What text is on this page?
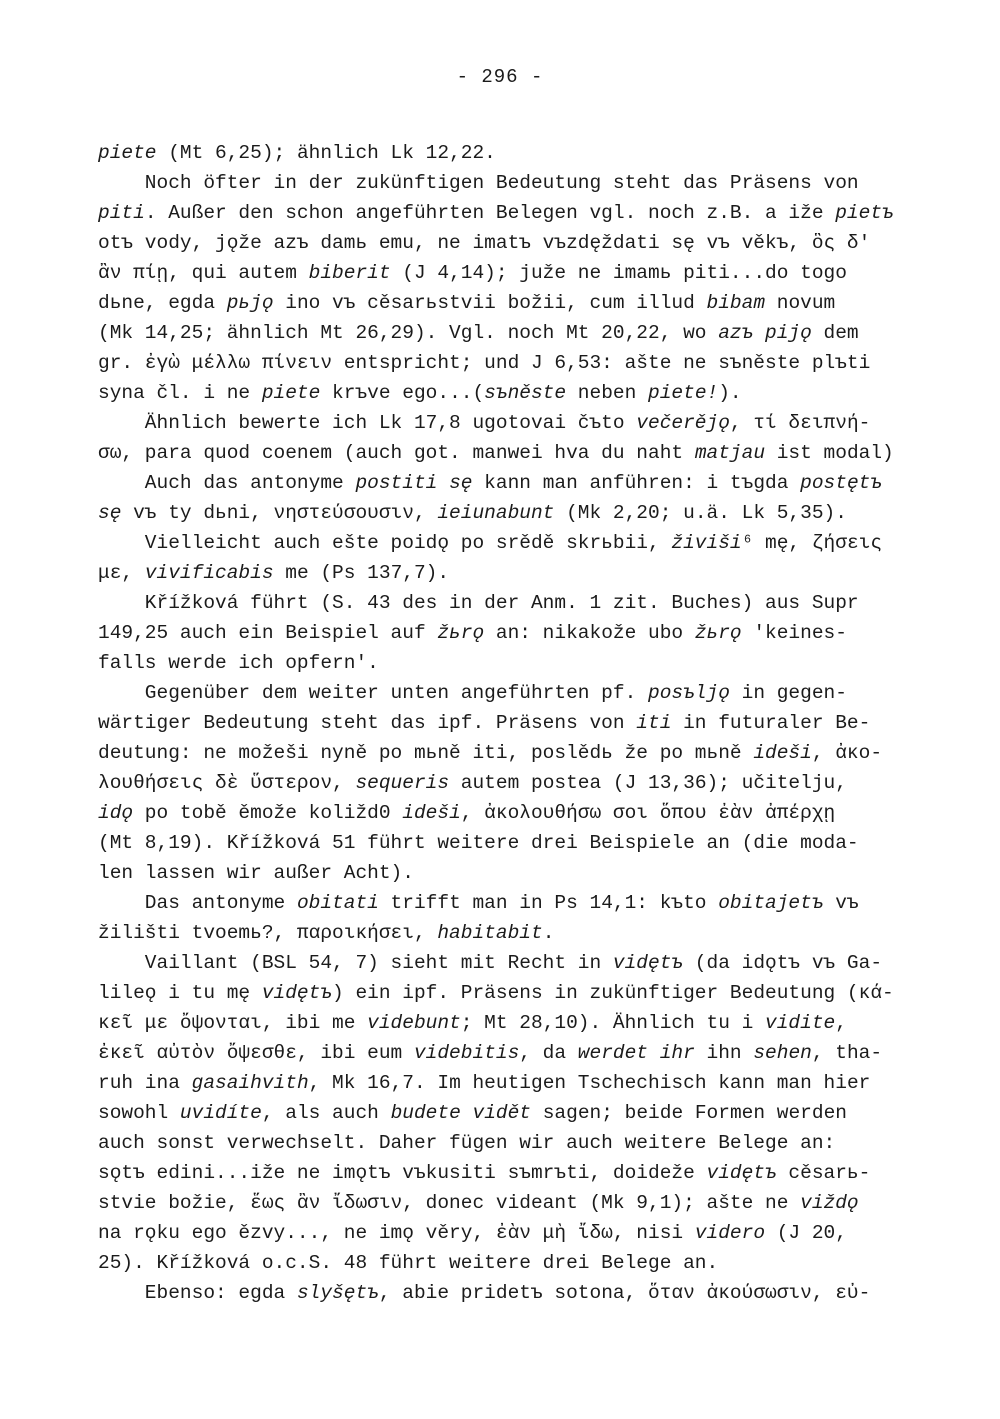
- 296 -
piete (Mt 6,25); ähnlich Lk 12,22.
Noch öfter in der zukünftigen Bedeutung steht das Präsens von
piti. Außer den schon angeführten Belegen vgl. noch z.B. a iže pietъ
otъ vody, jǫže azъ damь emu, ne imatъ vъzdęždati sę vъ věkъ, ὃς δ'
ἂν πίῃ, qui autem biberit (J 4,14); juže ne imamь piti...do togo
dьne, egda pьjǫ ino vъ cěsarьstvii božii, cum illud bibam novum
(Mk 14,25; ähnlich Mt 26,29). Vgl. noch Mt 20,22, wo azъ pijǫ dem
gr. ἐγὼ μέλλω πίνειν entspricht; und J 6,53: ašte ne sъněste plъti
syna čl. i ne piete krъve ego...(sъněste neben piete!).
Ähnlich bewerte ich Lk 17,8 ugotovai čъto večerějǫ, τί δειπνή-
σω, para quod coenem (auch got. manwei hva du naht matjau ist modal)
Auch das antonyme postiti sę kann man anführen: i tъgda postętъ
sę vъ ty dьni, νηστεύσουσιν, ieiunabunt (Mk 2,20; u.ä. Lk 5,35).
Vielleicht auch ešte poidǫ po srědě skrьbii, živiši⁶ mę, ζήσεις
με, vivificabis me (Ps 137,7).
Křížková führt (S. 43 des in der Anm. 1 zit. Buches) aus Supr
149,25 auch ein Beispiel auf žьrǫ an: nikakože ubo žьrǫ 'keines-
falls werde ich opfern'.
Gegenüber dem weiter unten angeführten pf. posъljǫ in gegen-
wärtiger Bedeutung steht das ipf. Präsens von iti in futuraler Be-
deutung: ne možeši nyně po mьně iti, poslědь že po mьně ideši, ἀκο-
λουθήσεις δὲ ὕστερον, sequeris autem postea (J 13,36); učitelju,
idǫ po tobě ěmože koližd0 ideši, ἀκολουθήσω σοι ὅπου ἐὰν ἀπέρχῃ
(Mt 8,19). Křížková 51 führt weitere drei Beispiele an (die moda-
len lassen wir außer Acht).
Das antonyme obitati trifft man in Ps 14,1: kъto obitajetъ vъ
žilišti tvoemь?, παροικήσει, habitabit.
Vaillant (BSL 54, 7) sieht mit Recht in vidętъ (da idǫtъ vъ Ga-
lileǫ i tu mę vidętъ) ein ipf. Präsens in zukünftiger Bedeutung (κά-
κεῖ με ὄψονται, ibi me videbunt; Mt 28,10). Ähnlich tu i vidite,
ἐκεῖ αὐτὸν ὄψεσθε, ibi eum videbitis, da werdet ihr ihn sehen, tha-
ruh ina gasaihvith, Mk 16,7. Im heutigen Tschechisch kann man hier
sowohl uvidíte, als auch budete vidět sagen; beide Formen werden
auch sonst verwechselt. Daher fügen wir auch weitere Belege an:
sǫtъ edini...iže ne imǫtъ vъkusiti sъmrъti, doideže vidętъ cěsarь-
stvie božie, ἕως ἂν ἴδωσιν, donec videant (Mk 9,1); ašte ne viždǫ
na rǫku ego ězvy..., ne imǫ věry, ἐὰν μὴ ἴδω, nisi videro (J 20,
25). Křížková o.c.S. 48 führt weitere drei Belege an.
Ebenso: egda slyšętъ, abie pridetъ sotona, ὅταν ἀκούσωσιν, εὐ-
